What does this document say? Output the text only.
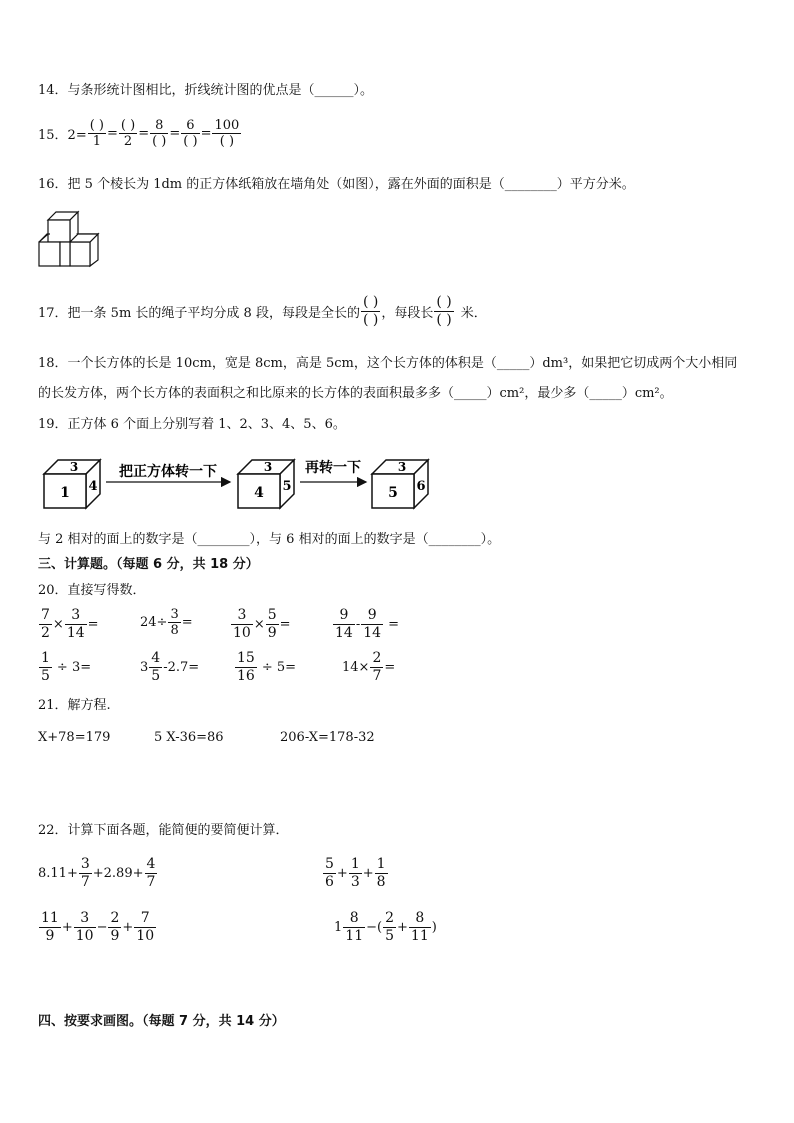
14．与条形统计图相比，折线统计图的优点是（______）。
15．$2= \frac{( )}{1} = \frac{( )}{2} = \frac{8}{( )} = \frac{6}{( )} = \frac{100}{( )}$
16．把 5 个棱长为 1dm 的正方体纸箱放在墙角处（如图），露在外面的面积是（________）平方分米。
17．把一条 5m 长的绳子平均分成 8 段，每段是全长的 $\frac{( )}{( )}$ ，每段长 $\frac{( )}{( )}$ 米．
18．一个长方体的长是 10cm，宽是 8cm，高是 5cm，这个长方体的体积是（_____）dm³，如果把它切成两个大小相同
的长发方体，两个长方体的表面积之和比原来的长方体的表面积最多多（_____）cm²，最少多（_____）cm²。
19．正方体 6 个面上分别写着 1、2、3、4、5、6。
1
3
4	4
3
5	5
3
6
把正方体转一下	再转一下
与 2 相对的面上的数字是（________），与 6 相对的面上的数字是（________）。
三、计算题。（每题 6 分，共 18 分）
20．直接写得数．
$\frac{7}{2} \times \frac{3}{14}$ =	$24\div \frac{3}{8}$ =	$\frac{3}{10} \times \frac{5}{9}$ =	$\frac{9}{14} - \frac{9}{14}$ =
$\frac{1}{5} \div 3=$	$3 \frac{4}{5} -2.7=$	$\frac{15}{16} \div 5=$	$14\times \frac{2}{7}$ =
21．解方程.
X+78=179	5 X-36=86	206-X=178-32
22．计算下面各题，能简便的要简便计算．
$8.11+ \frac{3}{7} +2.89+ \frac{4}{7}$	$\frac{5}{6} + \frac{1}{3} + \frac{1}{8}$
$\frac{11}{9} + \frac{3}{10} - \frac{2}{9} + \frac{7}{10}$	$1 \frac{8}{11}$ −( $\frac{2}{5} + \frac{8}{11}$ )
四、按要求画图。（每题 7 分，共 14 分）
